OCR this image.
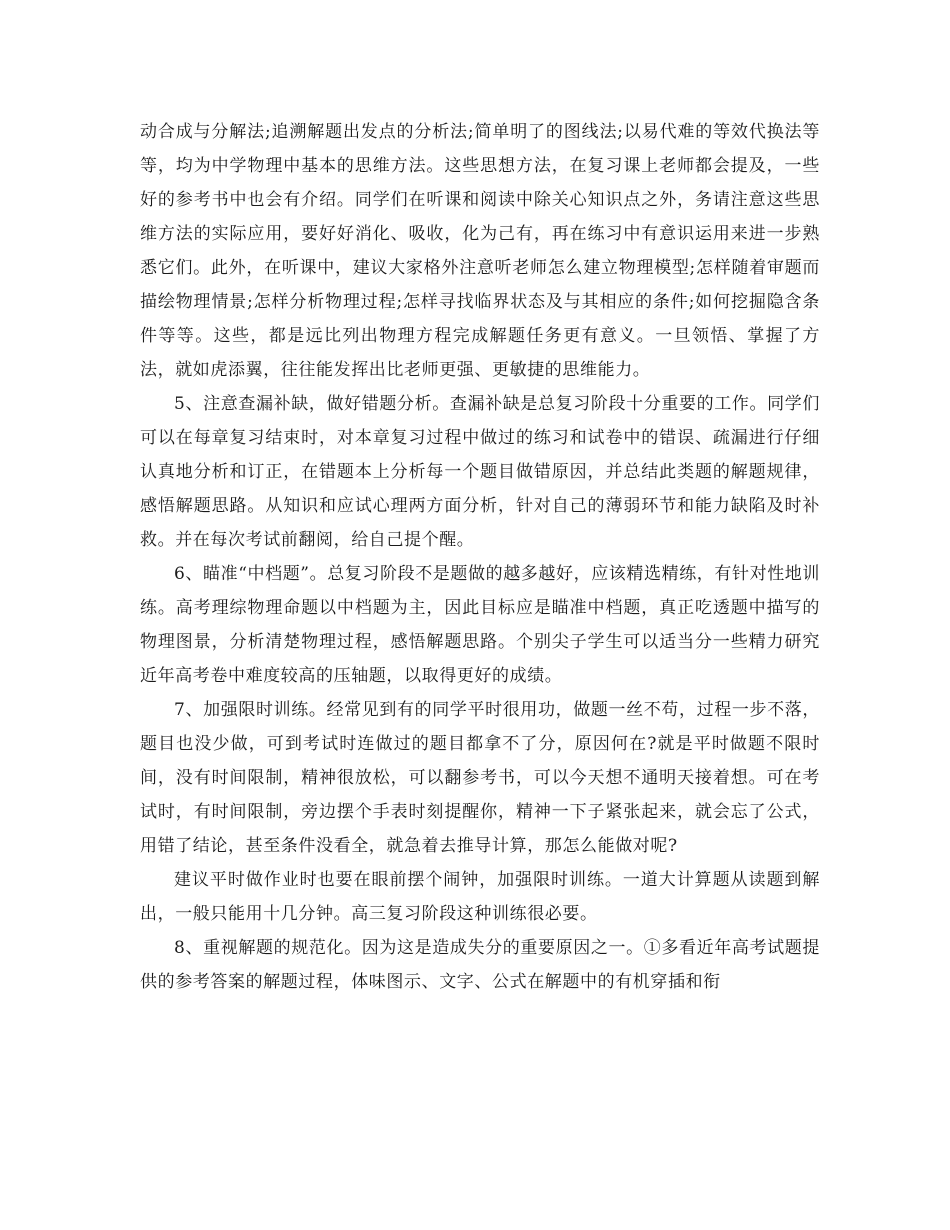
动合成与分解法;追溯解题出发点的分析法;简单明了的图线法;以易代难的等效代换法等等，均为中学物理中基本的思维方法。这些思想方法，在复习课上老师都会提及，一些好的参考书中也会有介绍。同学们在听课和阅读中除关心知识点之外，务请注意这些思维方法的实际应用，要好好消化、吸收，化为己有，再在练习中有意识运用来进一步熟悉它们。此外，在听课中，建议大家格外注意听老师怎么建立物理模型;怎样随着审题而描绘物理情景;怎样分析物理过程;怎样寻找临界状态及与其相应的条件;如何挖掘隐含条件等等。这些，都是远比列出物理方程完成解题任务更有意义。一旦领悟、掌握了方法，就如虎添翼，往往能发挥出比老师更强、更敏捷的思维能力。

5、注意查漏补缺，做好错题分析。查漏补缺是总复习阶段十分重要的工作。同学们可以在每章复习结束时，对本章复习过程中做过的练习和试卷中的错误、疏漏进行仔细认真地分析和订正，在错题本上分析每一个题目做错原因，并总结此类题的解题规律，感悟解题思路。从知识和应试心理两方面分析，针对自己的薄弱环节和能力缺陷及时补救。并在每次考试前翻阅，给自己提个醒。

6、瞄准“中档题”。总复习阶段不是题做的越多越好，应该精选精练，有针对性地训练。高考理综物理命题以中档题为主，因此目标应是瞄准中档题，真正吃透题中描写的物理图景，分析清楚物理过程，感悟解题思路。个别尖子学生可以适当分一些精力研究近年高考卷中难度较高的压轴题，以取得更好的成绩。

7、加强限时训练。经常见到有的同学平时很用功，做题一丝不苟，过程一步不落，题目也没少做，可到考试时连做过的题目都拿不了分，原因何在?就是平时做题不限时间，没有时间限制，精神很放松，可以翻参考书，可以今天想不通明天接着想。可在考试时，有时间限制，旁边摆个手表时刻提醒你，精神一下子紧张起来，就会忘了公式，用错了结论，甚至条件没看全，就急着去推导计算，那怎么能做对呢?

建议平时做作业时也要在眼前摆个闹钟，加强限时训练。一道大计算题从读题到解出，一般只能用十几分钟。高三复习阶段这种训练很必要。

8、重视解题的规范化。因为这是造成失分的重要原因之一。①多看近年高考试题提供的参考答案的解题过程，体味图示、文字、公式在解题中的有机穿插和衔
